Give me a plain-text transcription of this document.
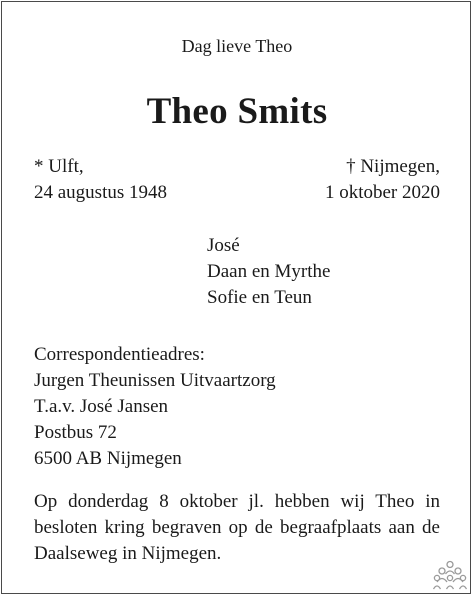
Dag lieve Theo
Theo Smits
* Ulft,
24 augustus 1948
† Nijmegen,
1 oktober 2020
José
Daan en Myrthe
Sofie en Teun
Correspondentieadres:
Jurgen Theunissen Uitvaartzorg
T.a.v. José Jansen
Postbus 72
6500 AB Nijmegen
Op donderdag 8 oktober jl. hebben wij Theo in besloten kring begraven op de begraafplaats aan de Daalseweg in Nijmegen.
